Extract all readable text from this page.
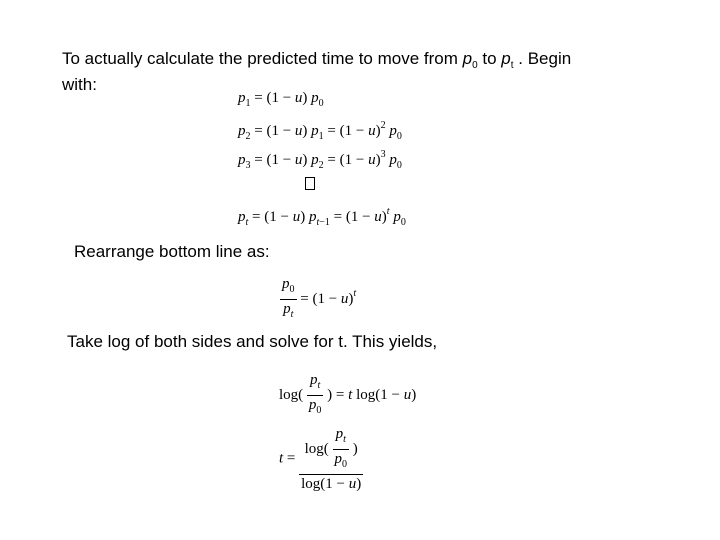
To actually calculate the predicted time to move from $p_0$ to $p_t$ . Begin
with:
$p_1 = (1 - u)$ $p_0$
$p_2 = (1 - u) p_1 = (1 - u)^2$ $p_0$
$p_3 = (1 - u) p_2 = (1 - u)^3$ $p_0$
$p_t = (1 - u) p_{t-1} = (1 - u)^t$ $p_0$
Rearrange bottom line as:
$\frac{p_0}{p_t} = (1 - u)^t$
Take log of both sides and solve for t. This yields,
$\log( \frac{p_t}{p_0}$ ) = t log(1 − u)
$t = \frac{\log( \frac{p_t}{p_0} )}{\log(1 - u)}$
